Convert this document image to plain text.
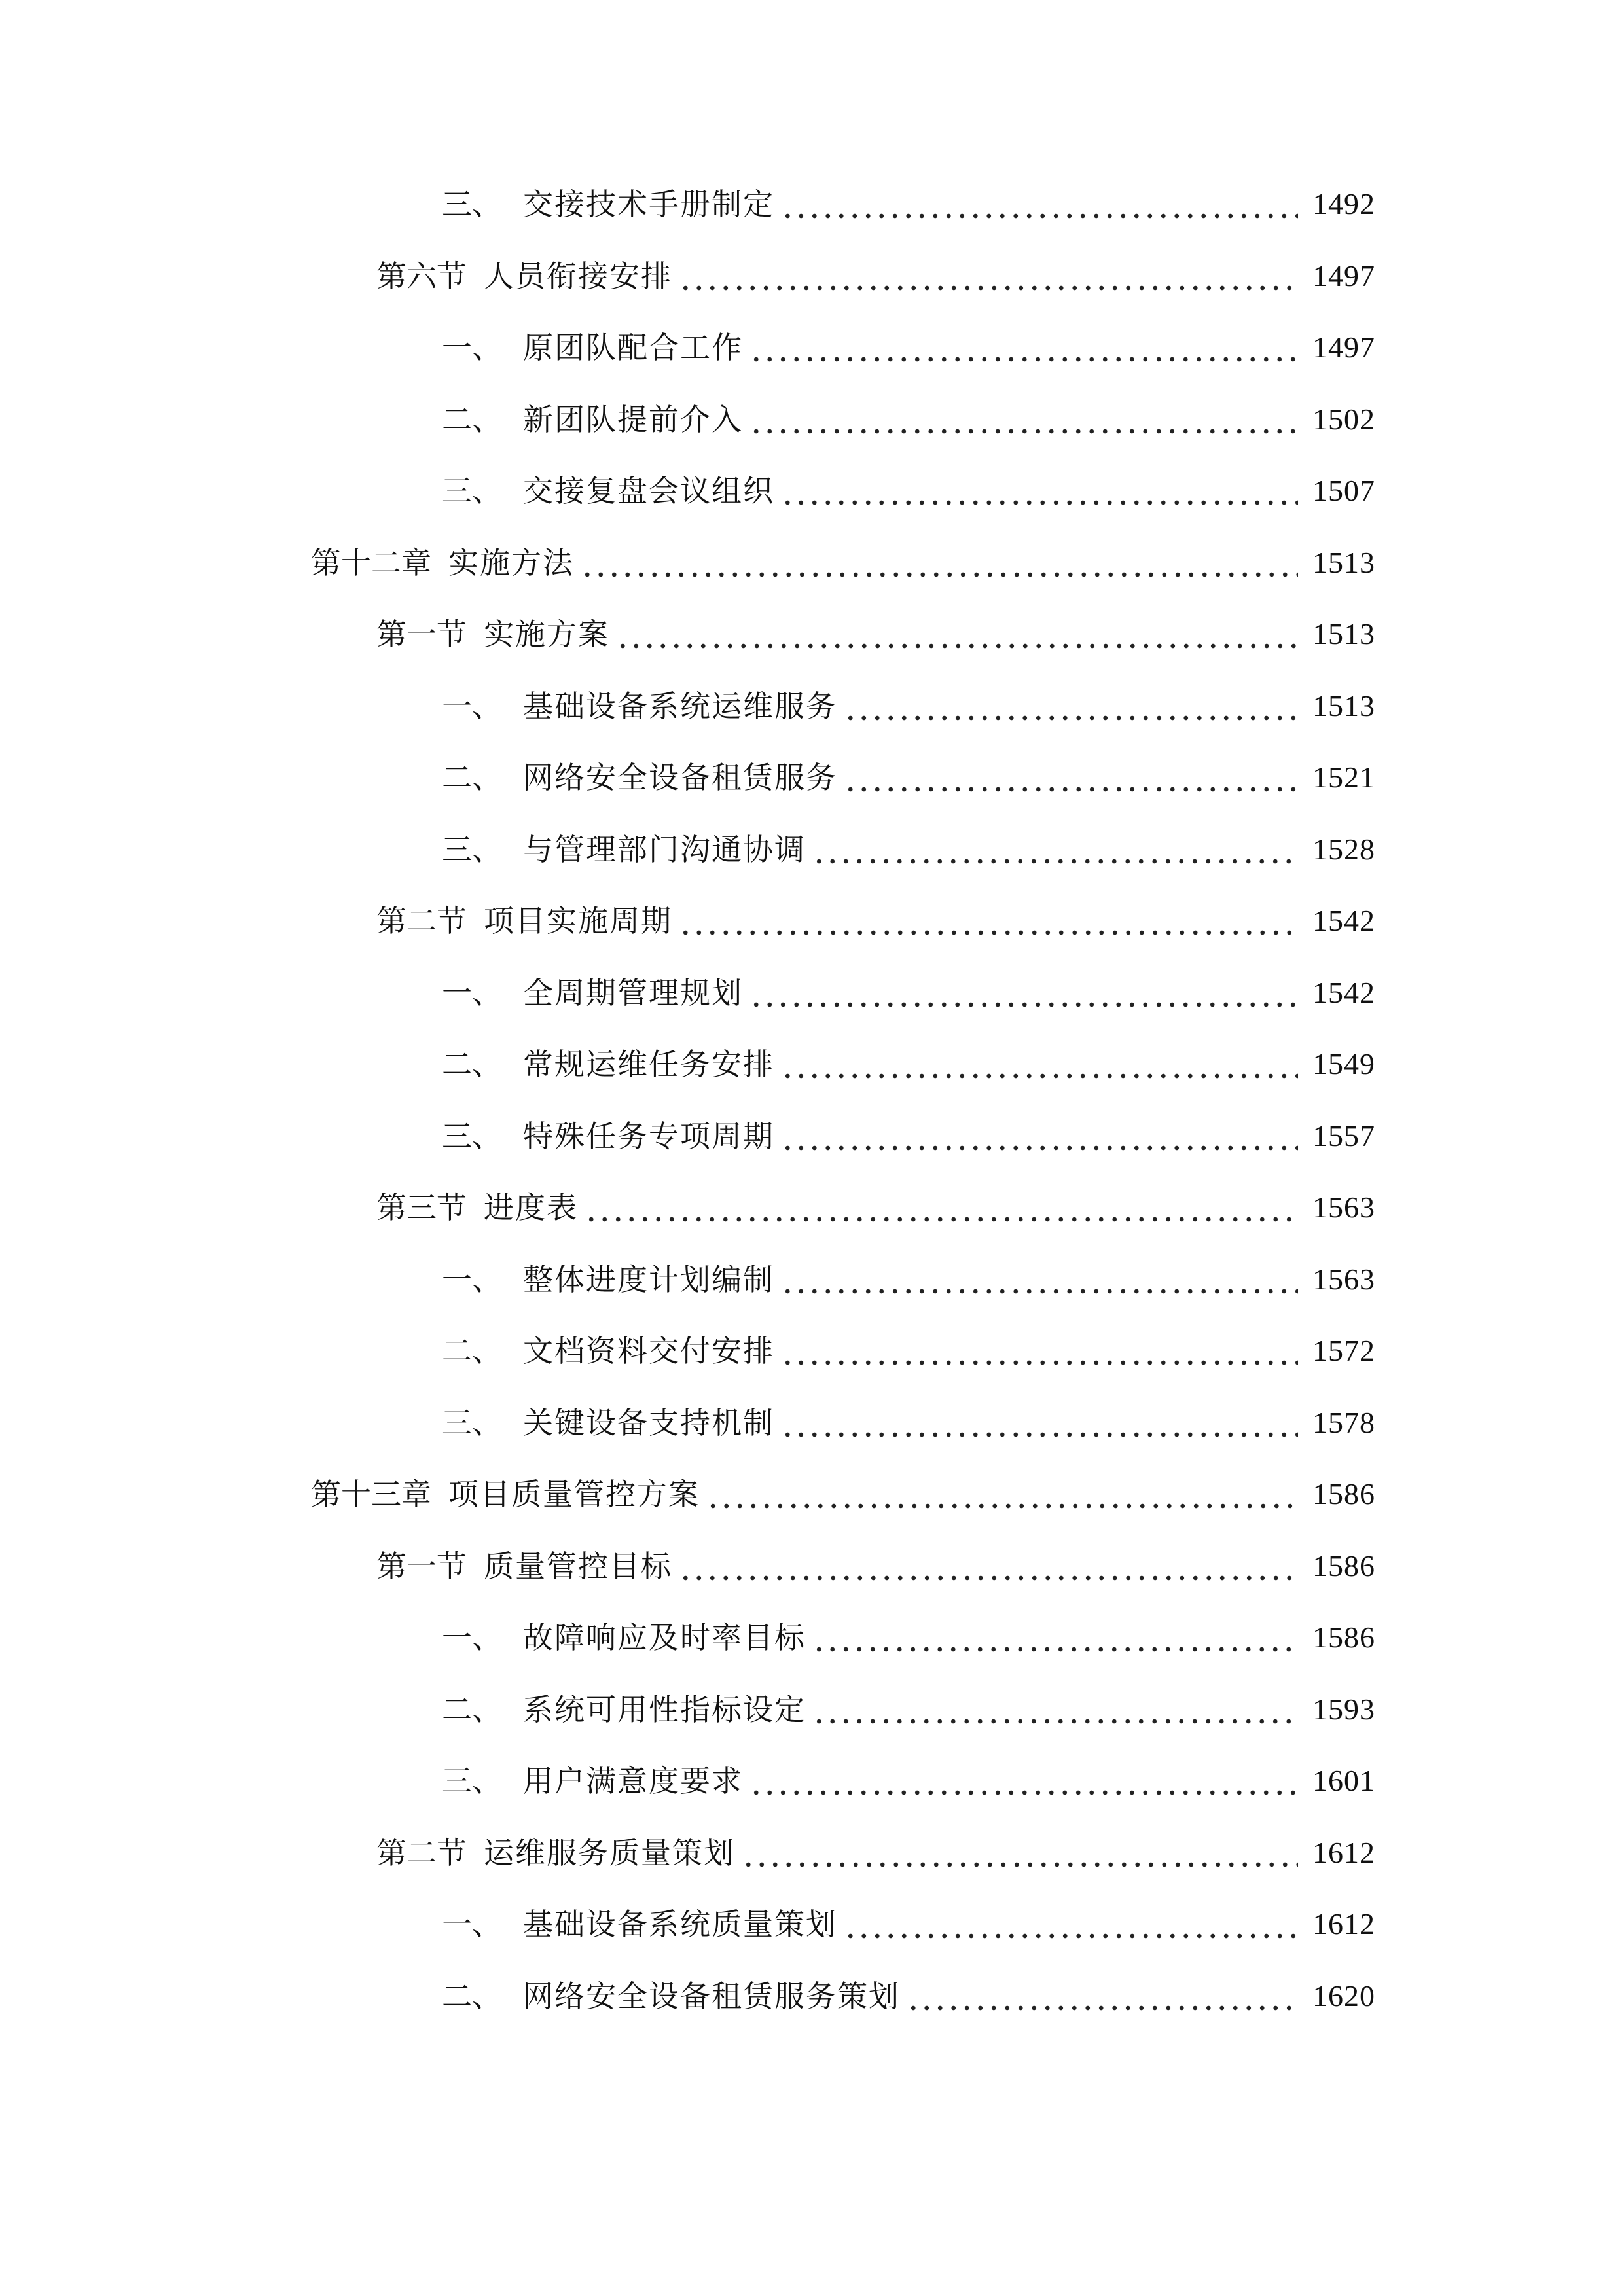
三、 交接技术手册制定	1492
第六节 人员衔接安排	1497
一、 原团队配合工作	1497
二、 新团队提前介入	1502
三、 交接复盘会议组织	1507
第十二章 实施方法	1513
第一节 实施方案	1513
一、 基础设备系统运维服务	1513
二、 网络安全设备租赁服务	1521
三、 与管理部门沟通协调	1528
第二节 项目实施周期	1542
一、 全周期管理规划	1542
二、 常规运维任务安排	1549
三、 特殊任务专项周期	1557
第三节 进度表	1563
一、 整体进度计划编制	1563
二、 文档资料交付安排	1572
三、 关键设备支持机制	1578
第十三章 项目质量管控方案	1586
第一节 质量管控目标	1586
一、 故障响应及时率目标	1586
二、 系统可用性指标设定	1593
三、 用户满意度要求	1601
第二节 运维服务质量策划	1612
一、 基础设备系统质量策划	1612
二、 网络安全设备租赁服务策划	1620
